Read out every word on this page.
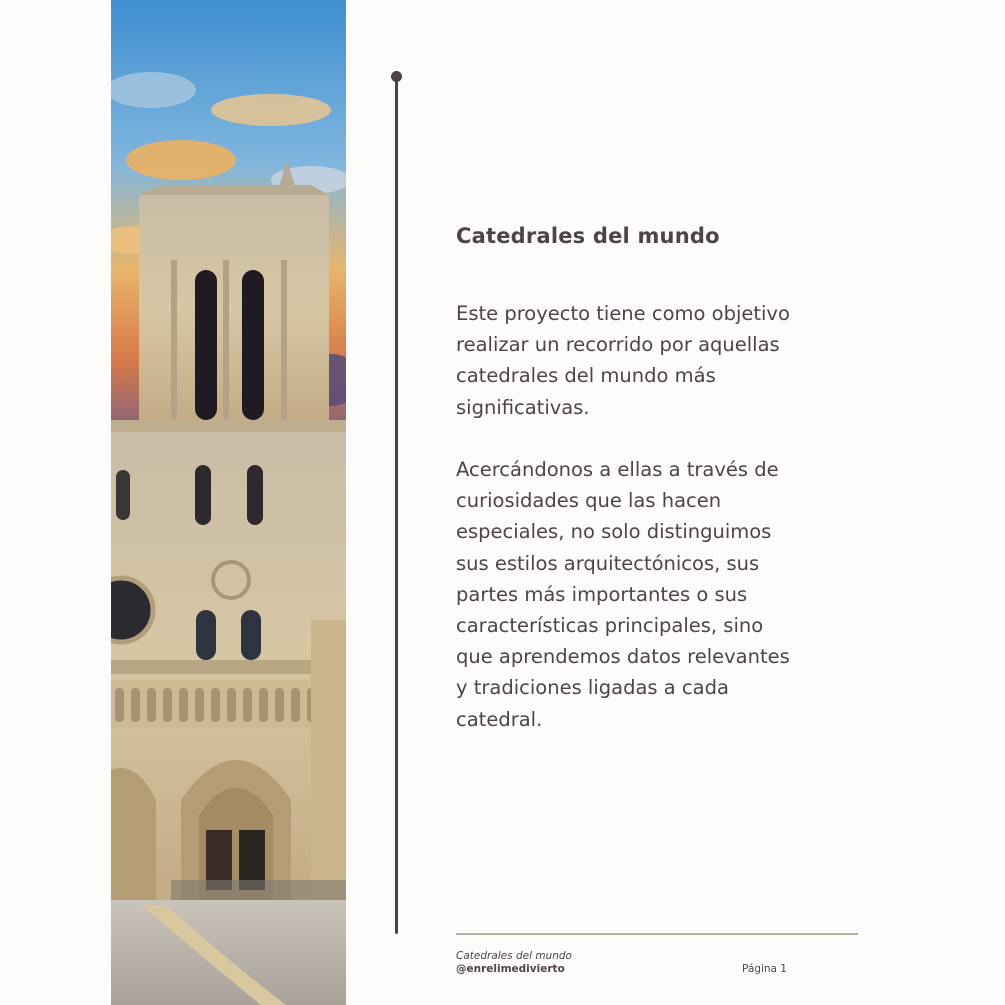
Catedrales del mundo

Este proyecto tiene como objetivo realizar un recorrido por aquellas catedrales del mundo más significativas.

Acercándonos a ellas a través de curiosidades que las hacen especiales, no solo distinguimos sus estilos arquitectónicos, sus partes más importantes o sus características principales, sino que aprendemos datos relevantes y tradiciones ligadas a cada catedral.

Catedrales del mundo
@enrelimedivierto	Página 1
